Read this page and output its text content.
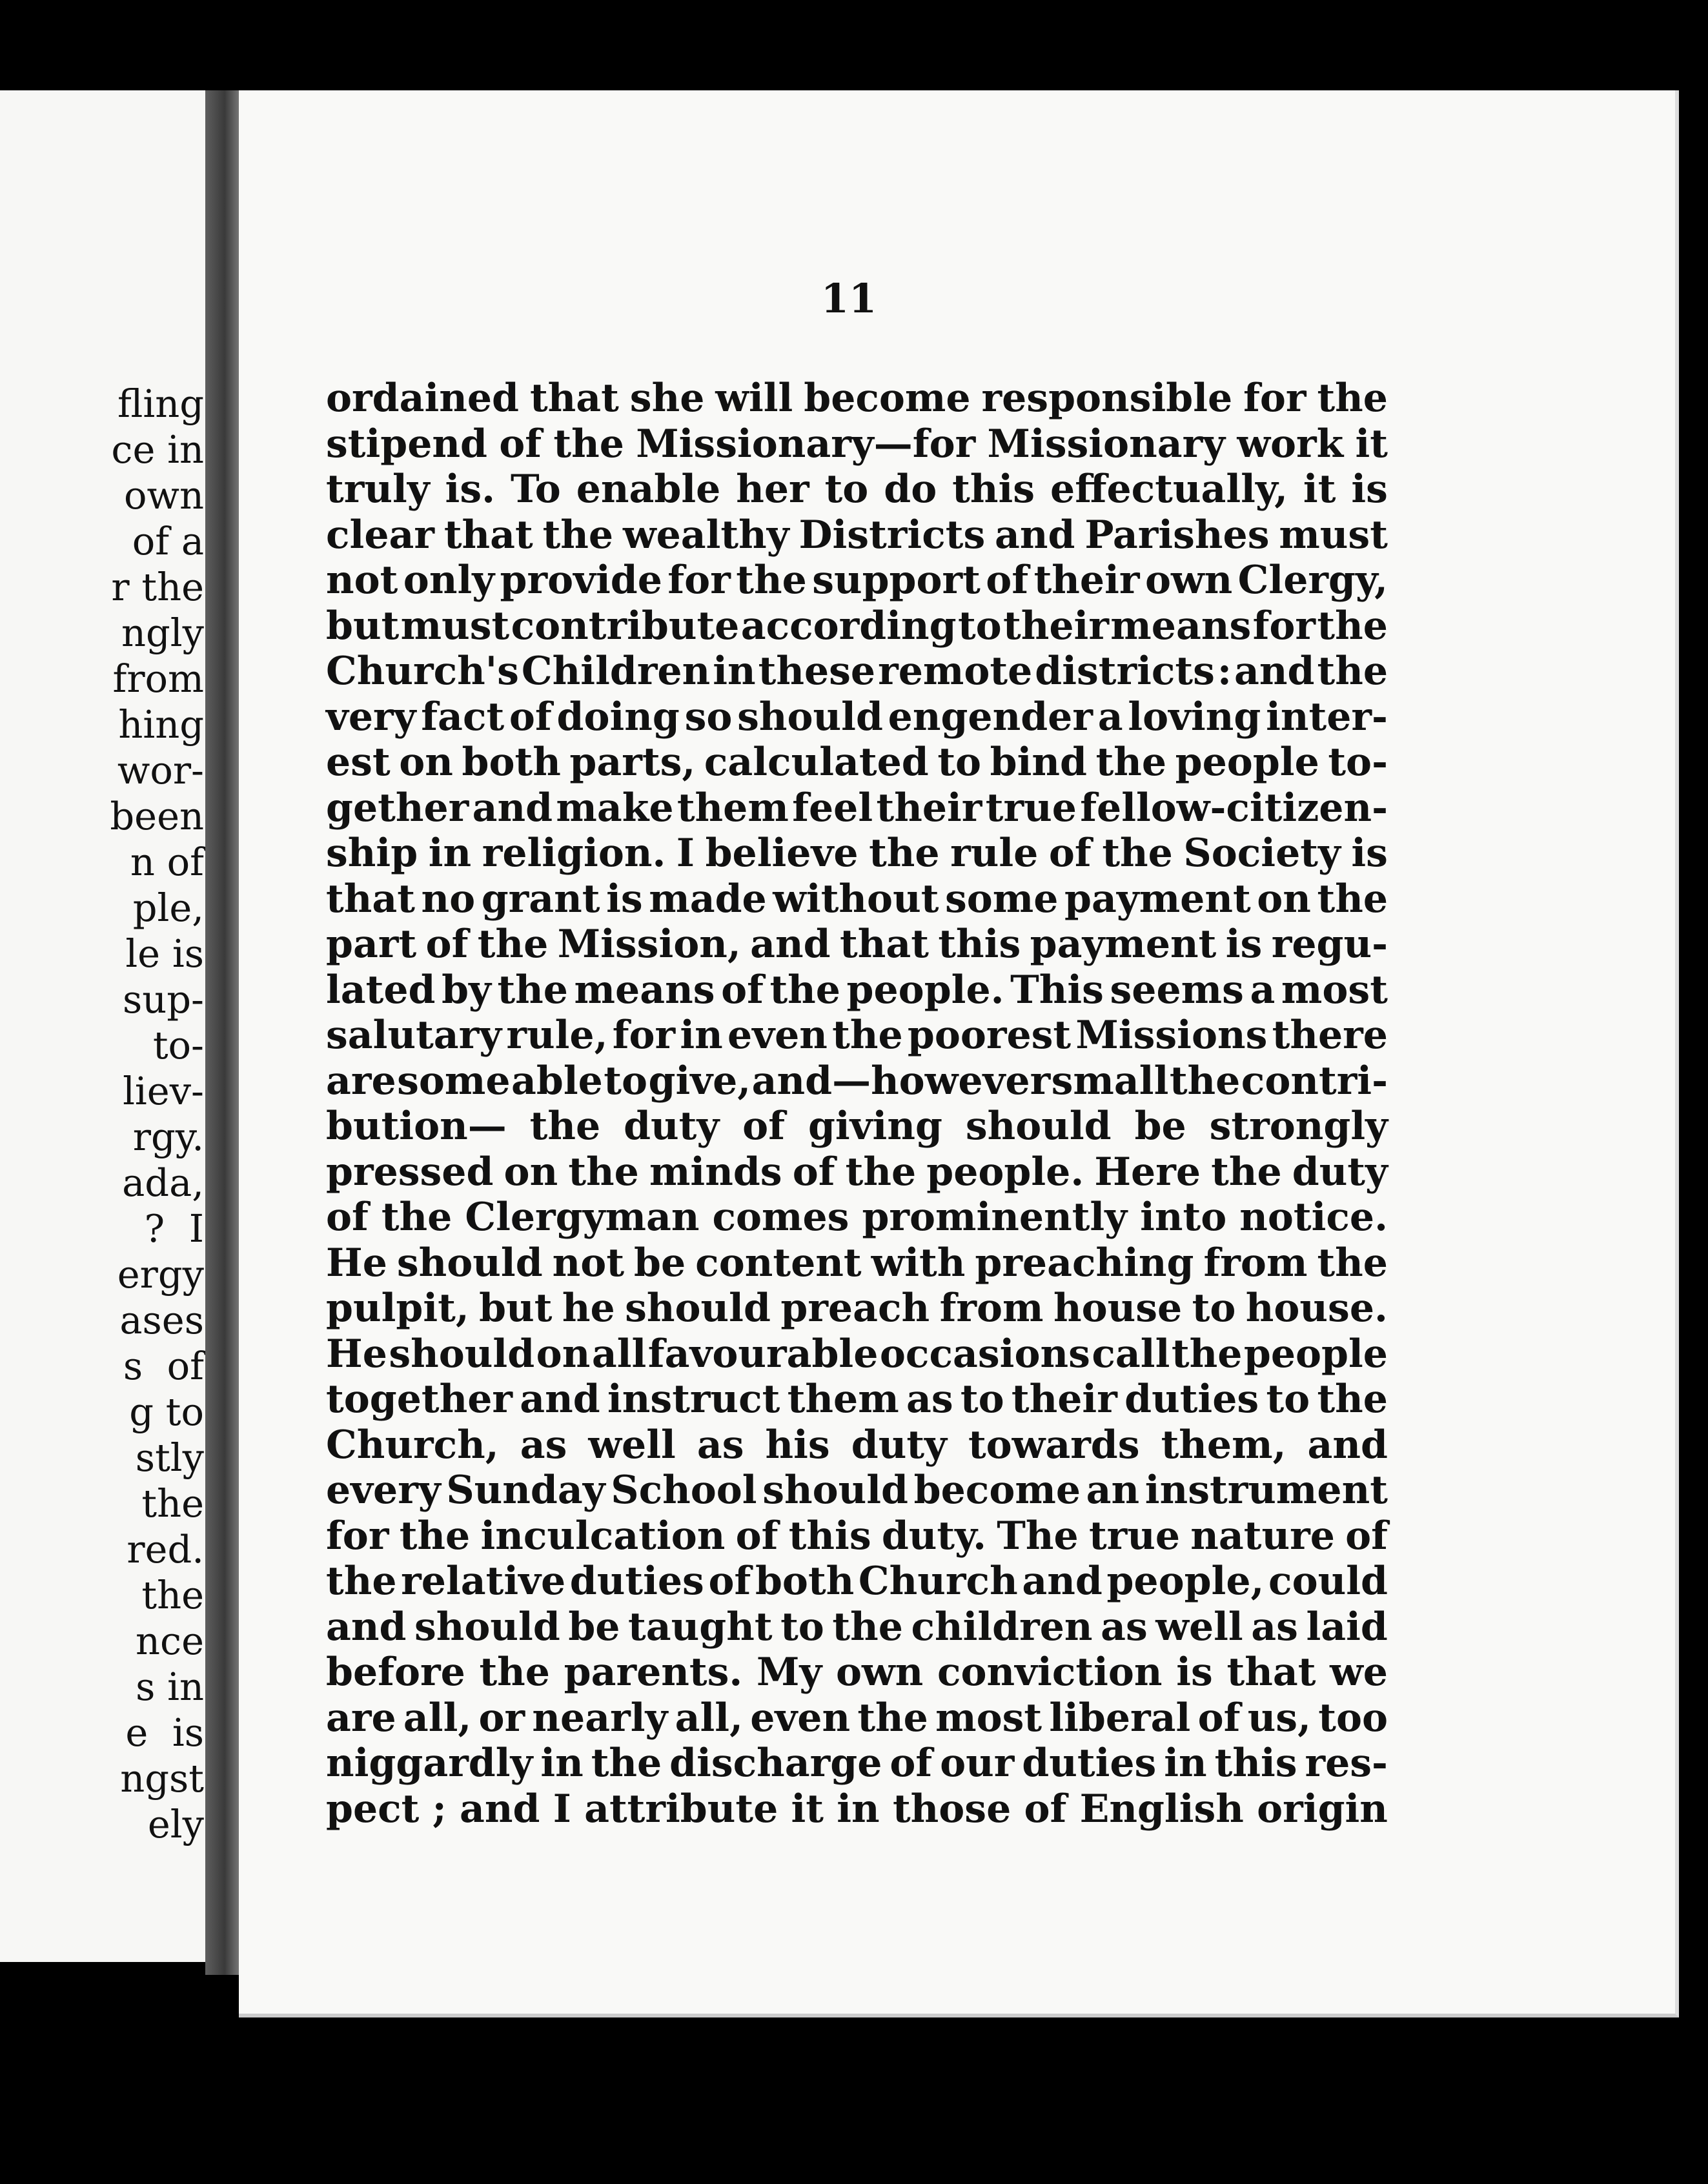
fling
ce in
own
of a
r the
ngly
from
hing
wor-
been
n of
ple,
le is
sup-
to-
liev-
rgy.
ada,
?  I
ergy
ases
s  of
g to
stly
the
red.
the
nce
s in
e  is
ngst
ely
11
ordained that she will become responsible for the
stipend of the Missionary—for Missionary work it
truly is. To enable her to do this effectually, it is
clear that the wealthy Districts and Parishes must
not only provide for the support of their own Clergy,
but must contribute according to their means for the
Church's Children in these remote districts : and the
very fact of doing so should engender a loving inter-
est on both parts, calculated to bind the people to-
gether and make them feel their true fellow-citizen-
ship in religion. I believe the rule of the Society is
that no grant is made without some payment on the
part of the Mission, and that this payment is regu-
lated by the means of the people. This seems a most
salutary rule, for in even the poorest Missions there
are some able to give, and—however small the contri-
bution— the duty of giving should be strongly
pressed on the minds of the people. Here the duty
of the Clergyman comes prominently into notice.
He should not be content with preaching from the
pulpit, but he should preach from house to house.
He should on all favourable occasions call the people
together and instruct them as to their duties to the
Church, as well as his duty towards them, and
every Sunday School should become an instrument
for the inculcation of this duty. The true nature of
the relative duties of both Church and people, could
and should be taught to the children as well as laid
before the parents. My own conviction is that we
are all, or nearly all, even the most liberal of us, too
niggardly in the discharge of our duties in this res-
pect ; and I attribute it in those of English origin
